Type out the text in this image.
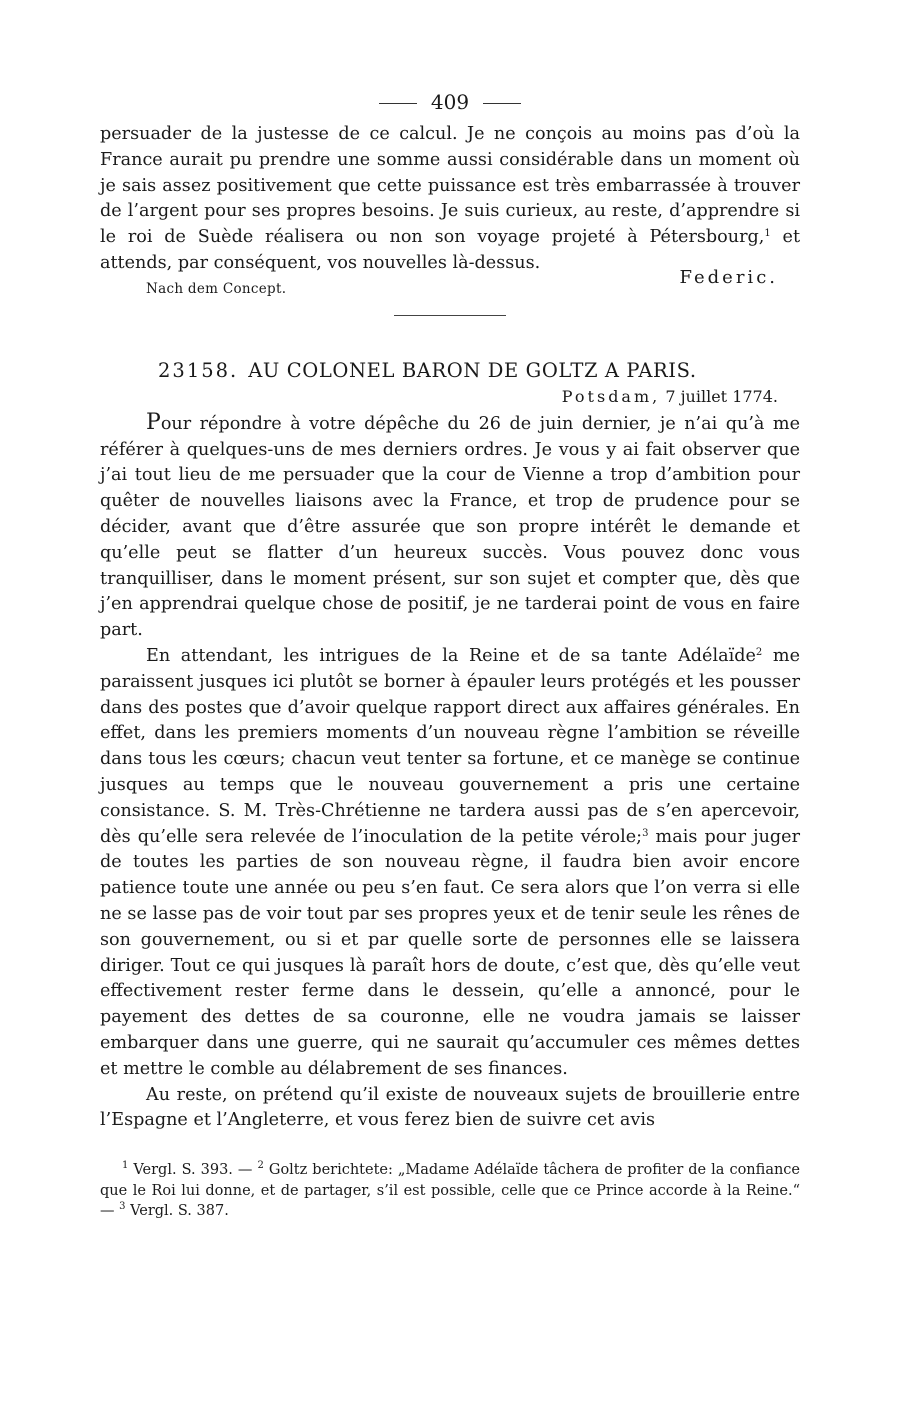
409

persuader de la justesse de ce calcul. Je ne conçois au moins pas d’où la France aurait pu prendre une somme aussi considérable dans un moment où je sais assez positivement que cette puissance est très embarrassée à trouver de l’argent pour ses propres besoins. Je suis curieux, au reste, d’apprendre si le roi de Suède réalisera ou non son voyage projeté à Pétersbourg,$^1$ et attends, par conséquent, vos nouvelles là-dessus.

Nach dem Concept.
Federic.
23158. AU COLONEL BARON DE GOLTZ A PARIS.
Potsdam, 7 juillet 1774.

Pour répondre à votre dépêche du 26 de juin dernier, je n’ai qu’à me référer à quelques-uns de mes derniers ordres. Je vous y ai fait observer que j’ai tout lieu de me persuader que la cour de Vienne a trop d’ambition pour quêter de nouvelles liaisons avec la France, et trop de prudence pour se décider, avant que d’être assurée que son propre intérêt le demande et qu’elle peut se flatter d’un heureux succès. Vous pouvez donc vous tranquilliser, dans le moment présent, sur son sujet et compter que, dès que j’en apprendrai quelque chose de positif, je ne tarderai point de vous en faire part.

En attendant, les intrigues de la Reine et de sa tante Adélaïde$^2$ me paraissent jusques ici plutôt se borner à épauler leurs protégés et les pousser dans des postes que d’avoir quelque rapport direct aux affaires générales. En effet, dans les premiers moments d’un nouveau règne l’ambition se réveille dans tous les cœurs; chacun veut tenter sa fortune, et ce manège se continue jusques au temps que le nouveau gouvernement a pris une certaine consistance. S. M. Très-Chrétienne ne tardera aussi pas de s’en apercevoir, dès qu’elle sera relevée de l’inoculation de la petite vérole;$^3$ mais pour juger de toutes les parties de son nouveau règne, il faudra bien avoir encore patience toute une année ou peu s’en faut. Ce sera alors que l’on verra si elle ne se lasse pas de voir tout par ses propres yeux et de tenir seule les rênes de son gouvernement, ou si et par quelle sorte de personnes elle se laissera diriger. Tout ce qui jusques là paraît hors de doute, c’est que, dès qu’elle veut effectivement rester ferme dans le dessein, qu’elle a annoncé, pour le payement des dettes de sa couronne, elle ne voudra jamais se laisser embarquer dans une guerre, qui ne saurait qu’accumuler ces mêmes dettes et mettre le comble au délabrement de ses finances.

Au reste, on prétend qu’il existe de nouveaux sujets de brouillerie entre l’Espagne et l’Angleterre, et vous ferez bien de suivre cet avis

$^1$ Vergl. S. 393. — $^2$ Goltz berichtete: „Madame Adélaïde tâchera de profiter de la confiance que le Roi lui donne, et de partager, s’il est possible, celle que ce Prince accorde à la Reine.“ — $^3$ Vergl. S. 387.
